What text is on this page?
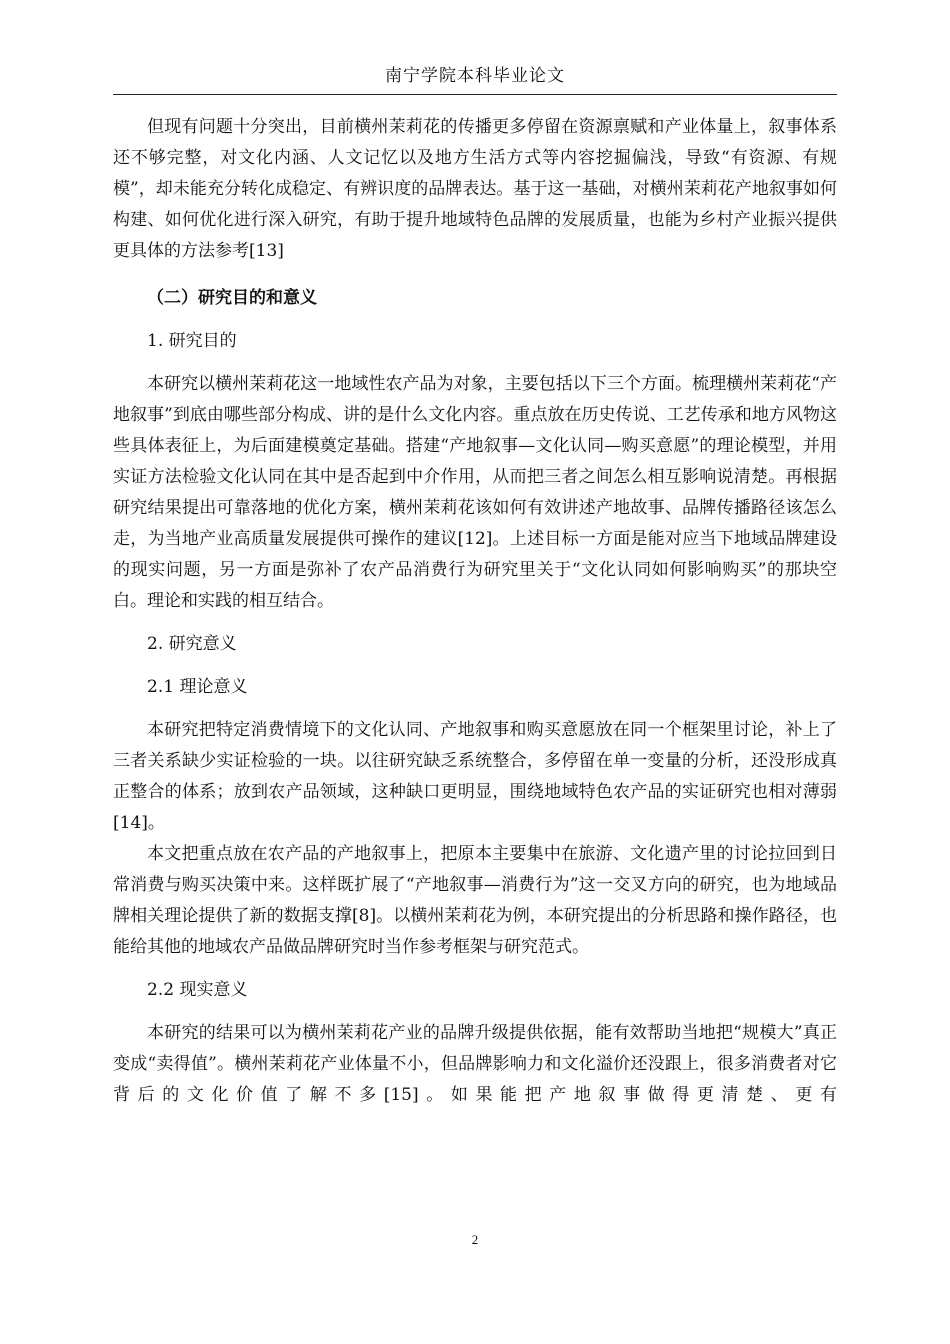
南宁学院本科毕业论文

但现有问题十分突出，目前横州茉莉花的传播更多停留在资源禀赋和产业体量上，叙事体系还不够完整，对文化内涵、人文记忆以及地方生活方式等内容挖掘偏浅，导致“有资源、有规模”，却未能充分转化成稳定、有辨识度的品牌表达。基于这一基础，对横州茉莉花产地叙事如何构建、如何优化进行深入研究，有助于提升地域特色品牌的发展质量，也能为乡村产业振兴提供更具体的方法参考[13]

（二）研究目的和意义
1. 研究目的

本研究以横州茉莉花这一地域性农产品为对象，主要包括以下三个方面。梳理横州茉莉花“产地叙事”到底由哪些部分构成、讲的是什么文化内容。重点放在历史传说、工艺传承和地方风物这些具体表征上，为后面建模奠定基础。搭建“产地叙事—文化认同—购买意愿”的理论模型，并用实证方法检验文化认同在其中是否起到中介作用，从而把三者之间怎么相互影响说清楚。再根据研究结果提出可靠落地的优化方案，横州茉莉花该如何有效讲述产地故事、品牌传播路径该怎么走，为当地产业高质量发展提供可操作的建议[12]。上述目标一方面是能对应当下地域品牌建设的现实问题，另一方面是弥补了农产品消费行为研究里关于“文化认同如何影响购买”的那块空白。理论和实践的相互结合。

2. 研究意义
2.1 理论意义

本研究把特定消费情境下的文化认同、产地叙事和购买意愿放在同一个框架里讨论，补上了三者关系缺少实证检验的一块。以往研究缺乏系统整合，多停留在单一变量的分析，还没形成真正整合的体系；放到农产品领域，这种缺口更明显，围绕地域特色农产品的实证研究也相对薄弱[14]。

本文把重点放在农产品的产地叙事上，把原本主要集中在旅游、文化遗产里的讨论拉回到日常消费与购买决策中来。这样既扩展了“产地叙事—消费行为”这一交叉方向的研究，也为地域品牌相关理论提供了新的数据支撑[8]。以横州茉莉花为例，本研究提出的分析思路和操作路径，也能给其他的地域农产品做品牌研究时当作参考框架与研究范式。

2.2 现实意义

本研究的结果可以为横州茉莉花产业的品牌升级提供依据，能有效帮助当地把“规模大”真正变成“卖得值”。横州茉莉花产业体量不小，但品牌影响力和文化溢价还没跟上，很多消费者对它背后的文化价值了解不多[15]。如果能把产地叙事做得更清楚、更有

2
